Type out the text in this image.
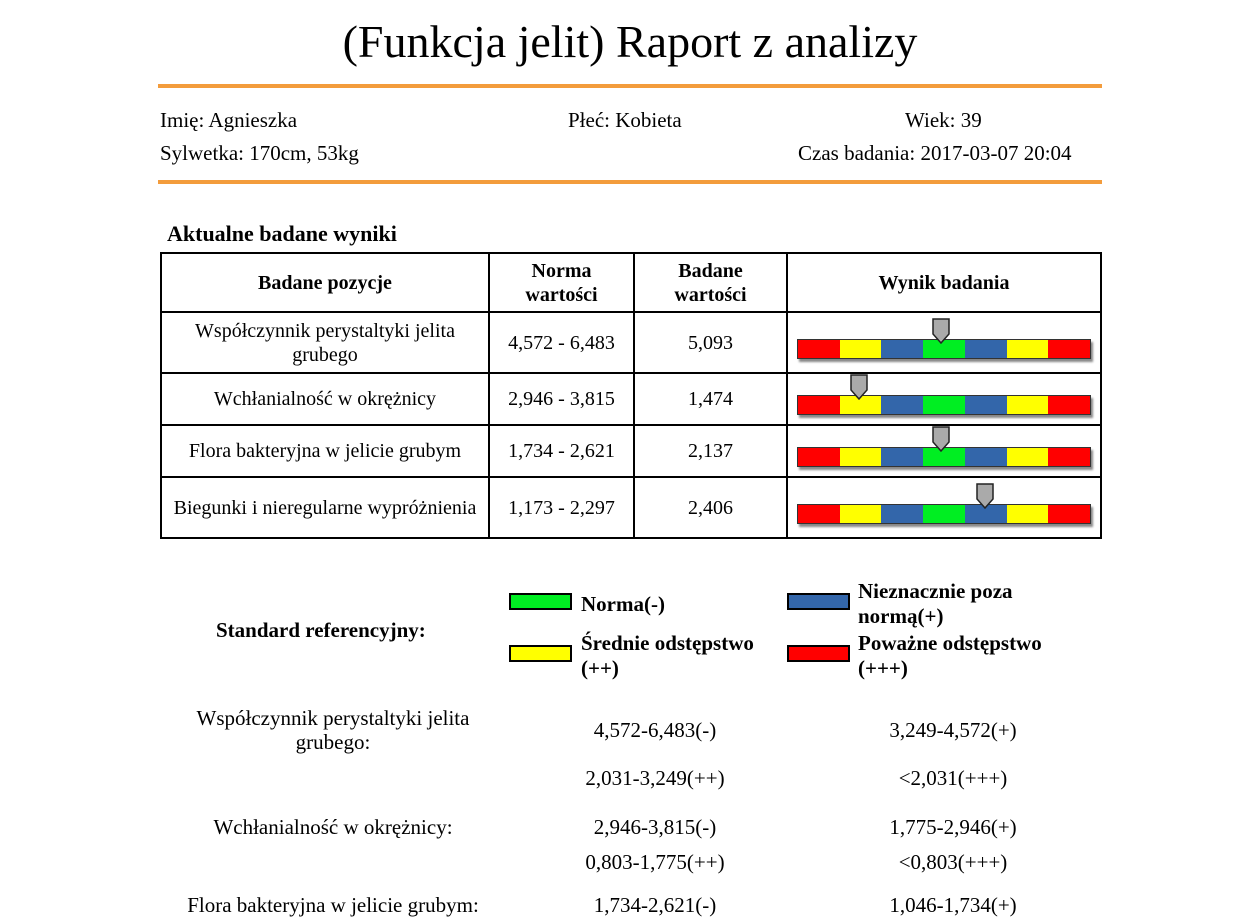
(Funkcja jelit) Raport z analizy
Imię: Agnieszka	Płeć: Kobieta	Wiek: 39
Sylwetka: 170cm, 53kg	Czas badania: 2017-03-07 20:04
Aktualne badane wyniki
Badane pozycje	Norma wartości	Badane wartości	Wynik badania
Współczynnik perystaltyki jelita grubego	4,572 - 6,483	5,093	

Wchłanialność w okrężnicy	2,946 - 3,815	1,474	

Flora bakteryjna w jelicie grubym	1,734 - 2,621	2,137	

Biegunki i nieregularne wypróżnienia	1,173 - 2,297	2,406	
Standard referencyjny:
Norma(-)
Nieznacznie poza normą(+)
Średnie odstępstwo (++)
Poważne odstępstwo (+++)
Współczynnik perystaltyki jelita grubego:	4,572-6,483(-)	3,249-4,572(+)
2,031-3,249(++)	<2,031(+++)
Wchłanialność w okrężnicy:	2,946-3,815(-)	1,775-2,946(+)
0,803-1,775(++)	<0,803(+++)
Flora bakteryjna w jelicie grubym:	1,734-2,621(-)	1,046-1,734(+)
